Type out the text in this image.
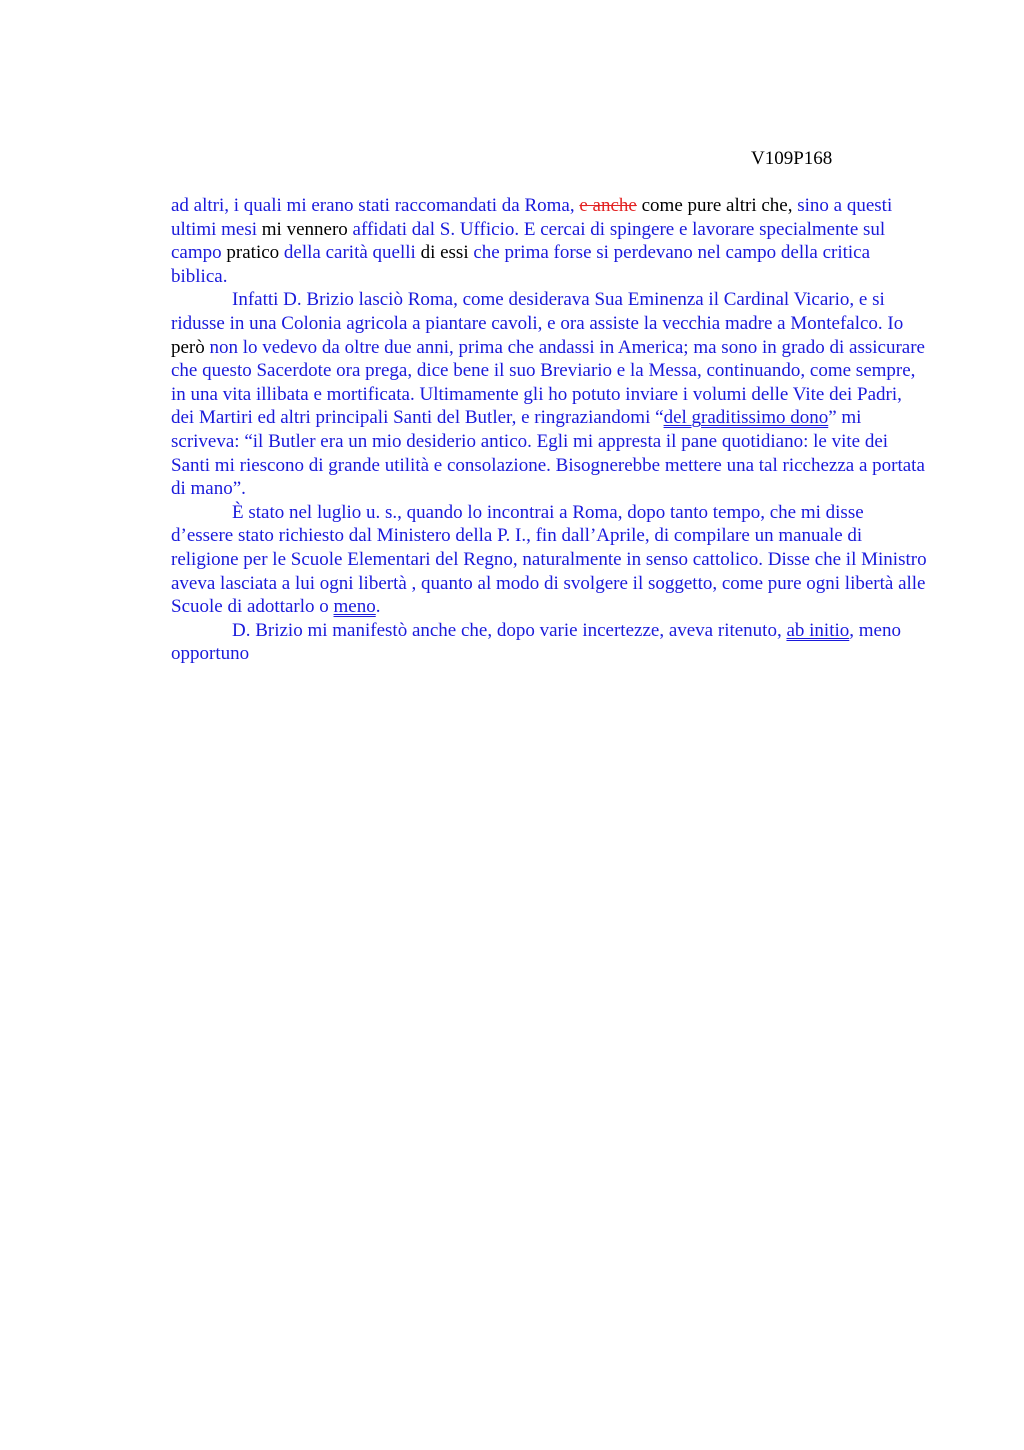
V109P168

ad altri, i quali mi erano stati raccomandati da Roma, e anche come pure altri che, sino a questi ultimi mesi mi vennero affidati dal S. Ufficio. E cercai di spingere e lavorare specialmente sul campo pratico della carità quelli di essi che prima forse si perdevano nel campo della critica biblica.

Infatti D. Brizio lasciò Roma, come desiderava Sua Eminenza il Cardinal Vicario, e si ridusse in una Colonia agricola a piantare cavoli, e ora assiste la vecchia madre a Montefalco. Io però non lo vedevo da oltre due anni, prima che andassi in America; ma sono in grado di assicurare che questo Sacerdote ora prega, dice bene il suo Breviario e la Messa, continuando, come sempre, in una vita illibata e mortificata. Ultimamente gli ho potuto inviare i volumi delle Vite dei Padri, dei Martiri ed altri principali Santi del Butler, e ringraziandomi “del graditissimo dono” mi scriveva: “il Butler era un mio desiderio antico. Egli mi appresta il pane quotidiano: le vite dei Santi mi riescono di grande utilità e consolazione. Bisognerebbe mettere una tal ricchezza a portata di mano”.

È stato nel luglio u. s., quando lo incontrai a Roma, dopo tanto tempo, che mi disse d’essere stato richiesto dal Ministero della P. I., fin dall’Aprile, di compilare un manuale di religione per le Scuole Elementari del Regno, naturalmente in senso cattolico. Disse che il Ministro aveva lasciata a lui ogni libertà , quanto al modo di svolgere il soggetto, come pure ogni libertà alle Scuole di adottarlo o meno.

D. Brizio mi manifestò anche che, dopo varie incertezze, aveva ritenuto, ab initio, meno opportuno
